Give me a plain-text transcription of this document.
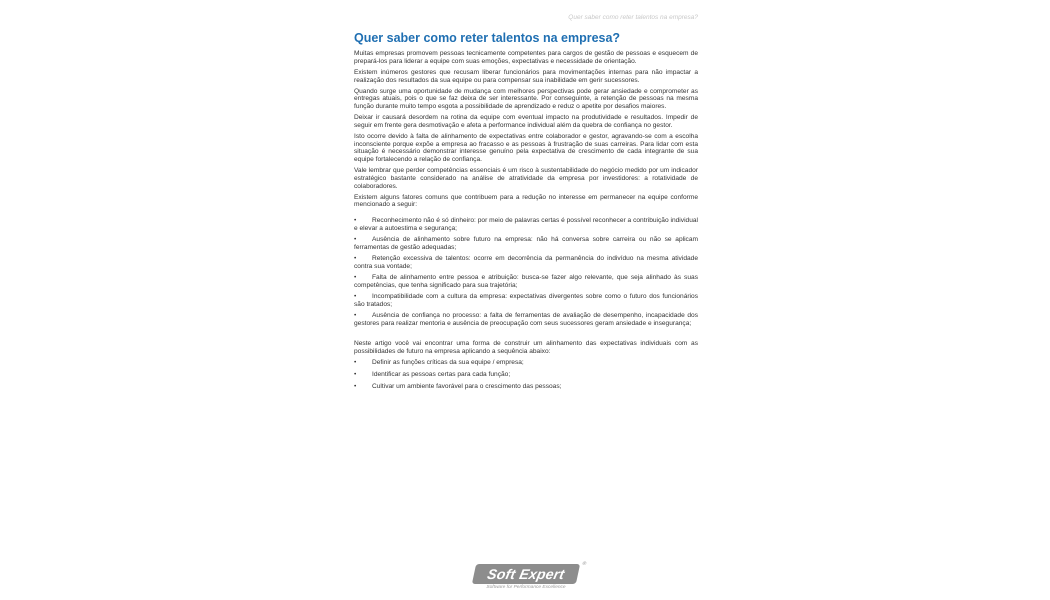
Quer saber como reter talentos na empresa?
Quer saber como reter talentos na empresa?

Muitas empresas promovem pessoas tecnicamente competentes para cargos de gestão de pessoas e esquecem de prepará-los para liderar a equipe com suas emoções, expectativas e necessidade de orientação.

Existem inúmeros gestores que recusam liberar funcionários para movimentações internas para não impactar a realização dos resultados da sua equipe ou para compensar sua inabilidade em gerir sucessores.

Quando surge uma oportunidade de mudança com melhores perspectivas pode gerar ansiedade e comprometer as entregas atuais, pois o que se faz deixa de ser interessante. Por conseguinte, a retenção de pessoas na mesma função durante muito tempo esgota a possibilidade de aprendizado e reduz o apetite por desafios maiores.

Deixar ir causará desordem na rotina da equipe com eventual impacto na produtividade e resultados. Impedir de seguir em frente gera desmotivação e afeta a performance individual além da quebra de confiança no gestor.

Isto ocorre devido à falta de alinhamento de expectativas entre colaborador e gestor, agravando-se com a escolha inconsciente porque expõe a empresa ao fracasso e as pessoas à frustração de suas carreiras. Para lidar com esta situação é necessário demonstrar interesse genuíno pela expectativa de crescimento de cada integrante de sua equipe fortalecendo a relação de confiança.

Vale lembrar que perder competências essenciais é um risco à sustentabilidade do negócio medido por um indicador estratégico bastante considerado na análise de atratividade da empresa por investidores: a rotatividade de colaboradores.

Existem alguns fatores comuns que contribuem para a redução no interesse em permanecer na equipe conforme mencionado a seguir:

• Reconhecimento não é só dinheiro: por meio de palavras certas é possível reconhecer a contribuição individual e elevar a autoestima e segurança;

• Ausência de alinhamento sobre futuro na empresa: não há conversa sobre carreira ou não se aplicam ferramentas de gestão adequadas;

• Retenção excessiva de talentos: ocorre em decorrência da permanência do indivíduo na mesma atividade contra sua vontade;

• Falta de alinhamento entre pessoa e atribuição: busca-se fazer algo relevante, que seja alinhado às suas competências, que tenha significado para sua trajetória;

• Incompatibilidade com a cultura da empresa: expectativas divergentes sobre como o futuro dos funcionários são tratados;

• Ausência de confiança no processo: a falta de ferramentas de avaliação de desempenho, incapacidade dos gestores para realizar mentoria e ausência de preocupação com seus sucessores geram ansiedade e insegurança;

Neste artigo você vai encontrar uma forma de construir um alinhamento das expectativas individuais com as possibilidades de futuro na empresa aplicando a sequência abaixo:

• Definir as funções críticas da sua equipe / empresa;

• Identificar as pessoas certas para cada função;

• Cultivar um ambiente favorável para o crescimento das pessoas;

Soft Expert
®
Software for Performance Excellence
